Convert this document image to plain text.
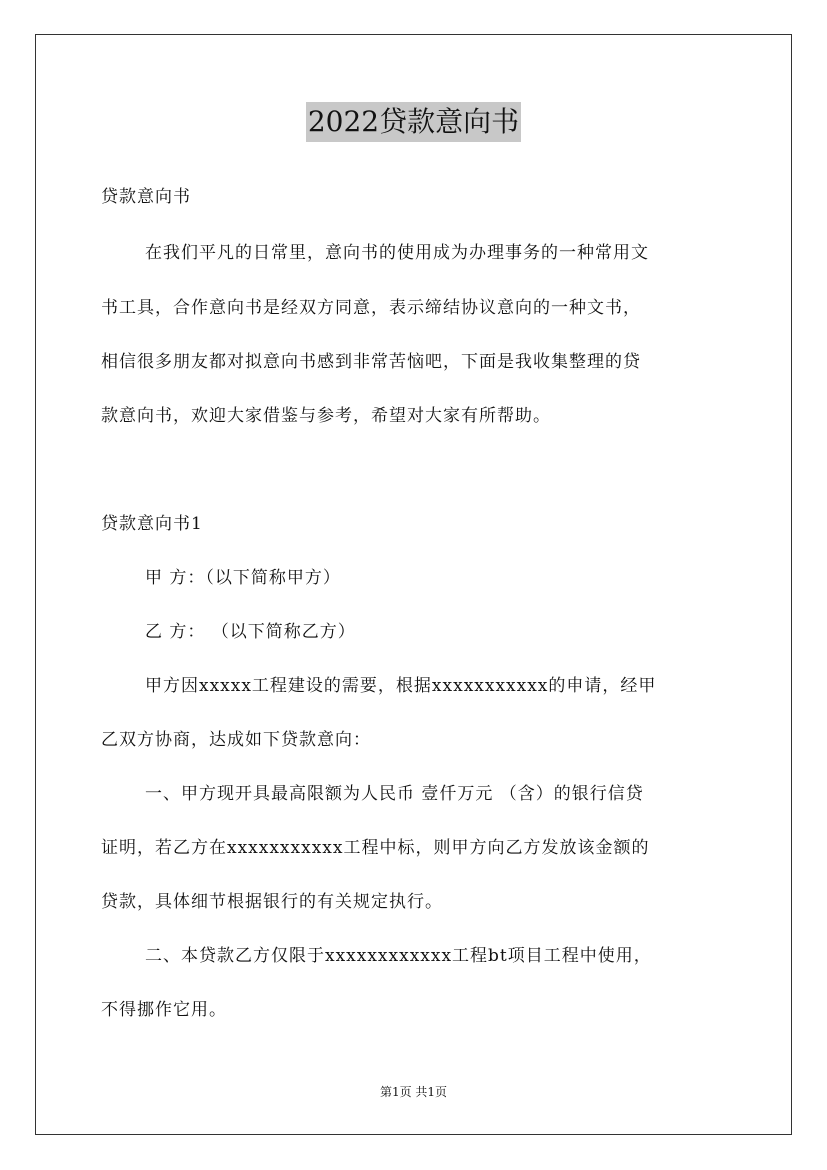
2022贷款意向书
贷款意向书
在我们平凡的日常里，意向书的使用成为办理事务的一种常用文
书工具，合作意向书是经双方同意，表示缔结协议意向的一种文书，
相信很多朋友都对拟意向书感到非常苦恼吧，下面是我收集整理的贷
款意向书，欢迎大家借鉴与参考，希望对大家有所帮助。
贷款意向书1
甲 方：（以下简称甲方）
乙 方： （以下简称乙方）
甲方因xxxxx工程建设的需要，根据xxxxxxxxxxx的申请，经甲
乙双方协商，达成如下贷款意向：
一、甲方现开具最高限额为人民币 壹仟万元 （含）的银行信贷
证明，若乙方在xxxxxxxxxxx工程中标，则甲方向乙方发放该金额的
贷款，具体细节根据银行的有关规定执行。
二、本贷款乙方仅限于xxxxxxxxxxxx工程bt项目工程中使用，
不得挪作它用。
第1页 共1页
